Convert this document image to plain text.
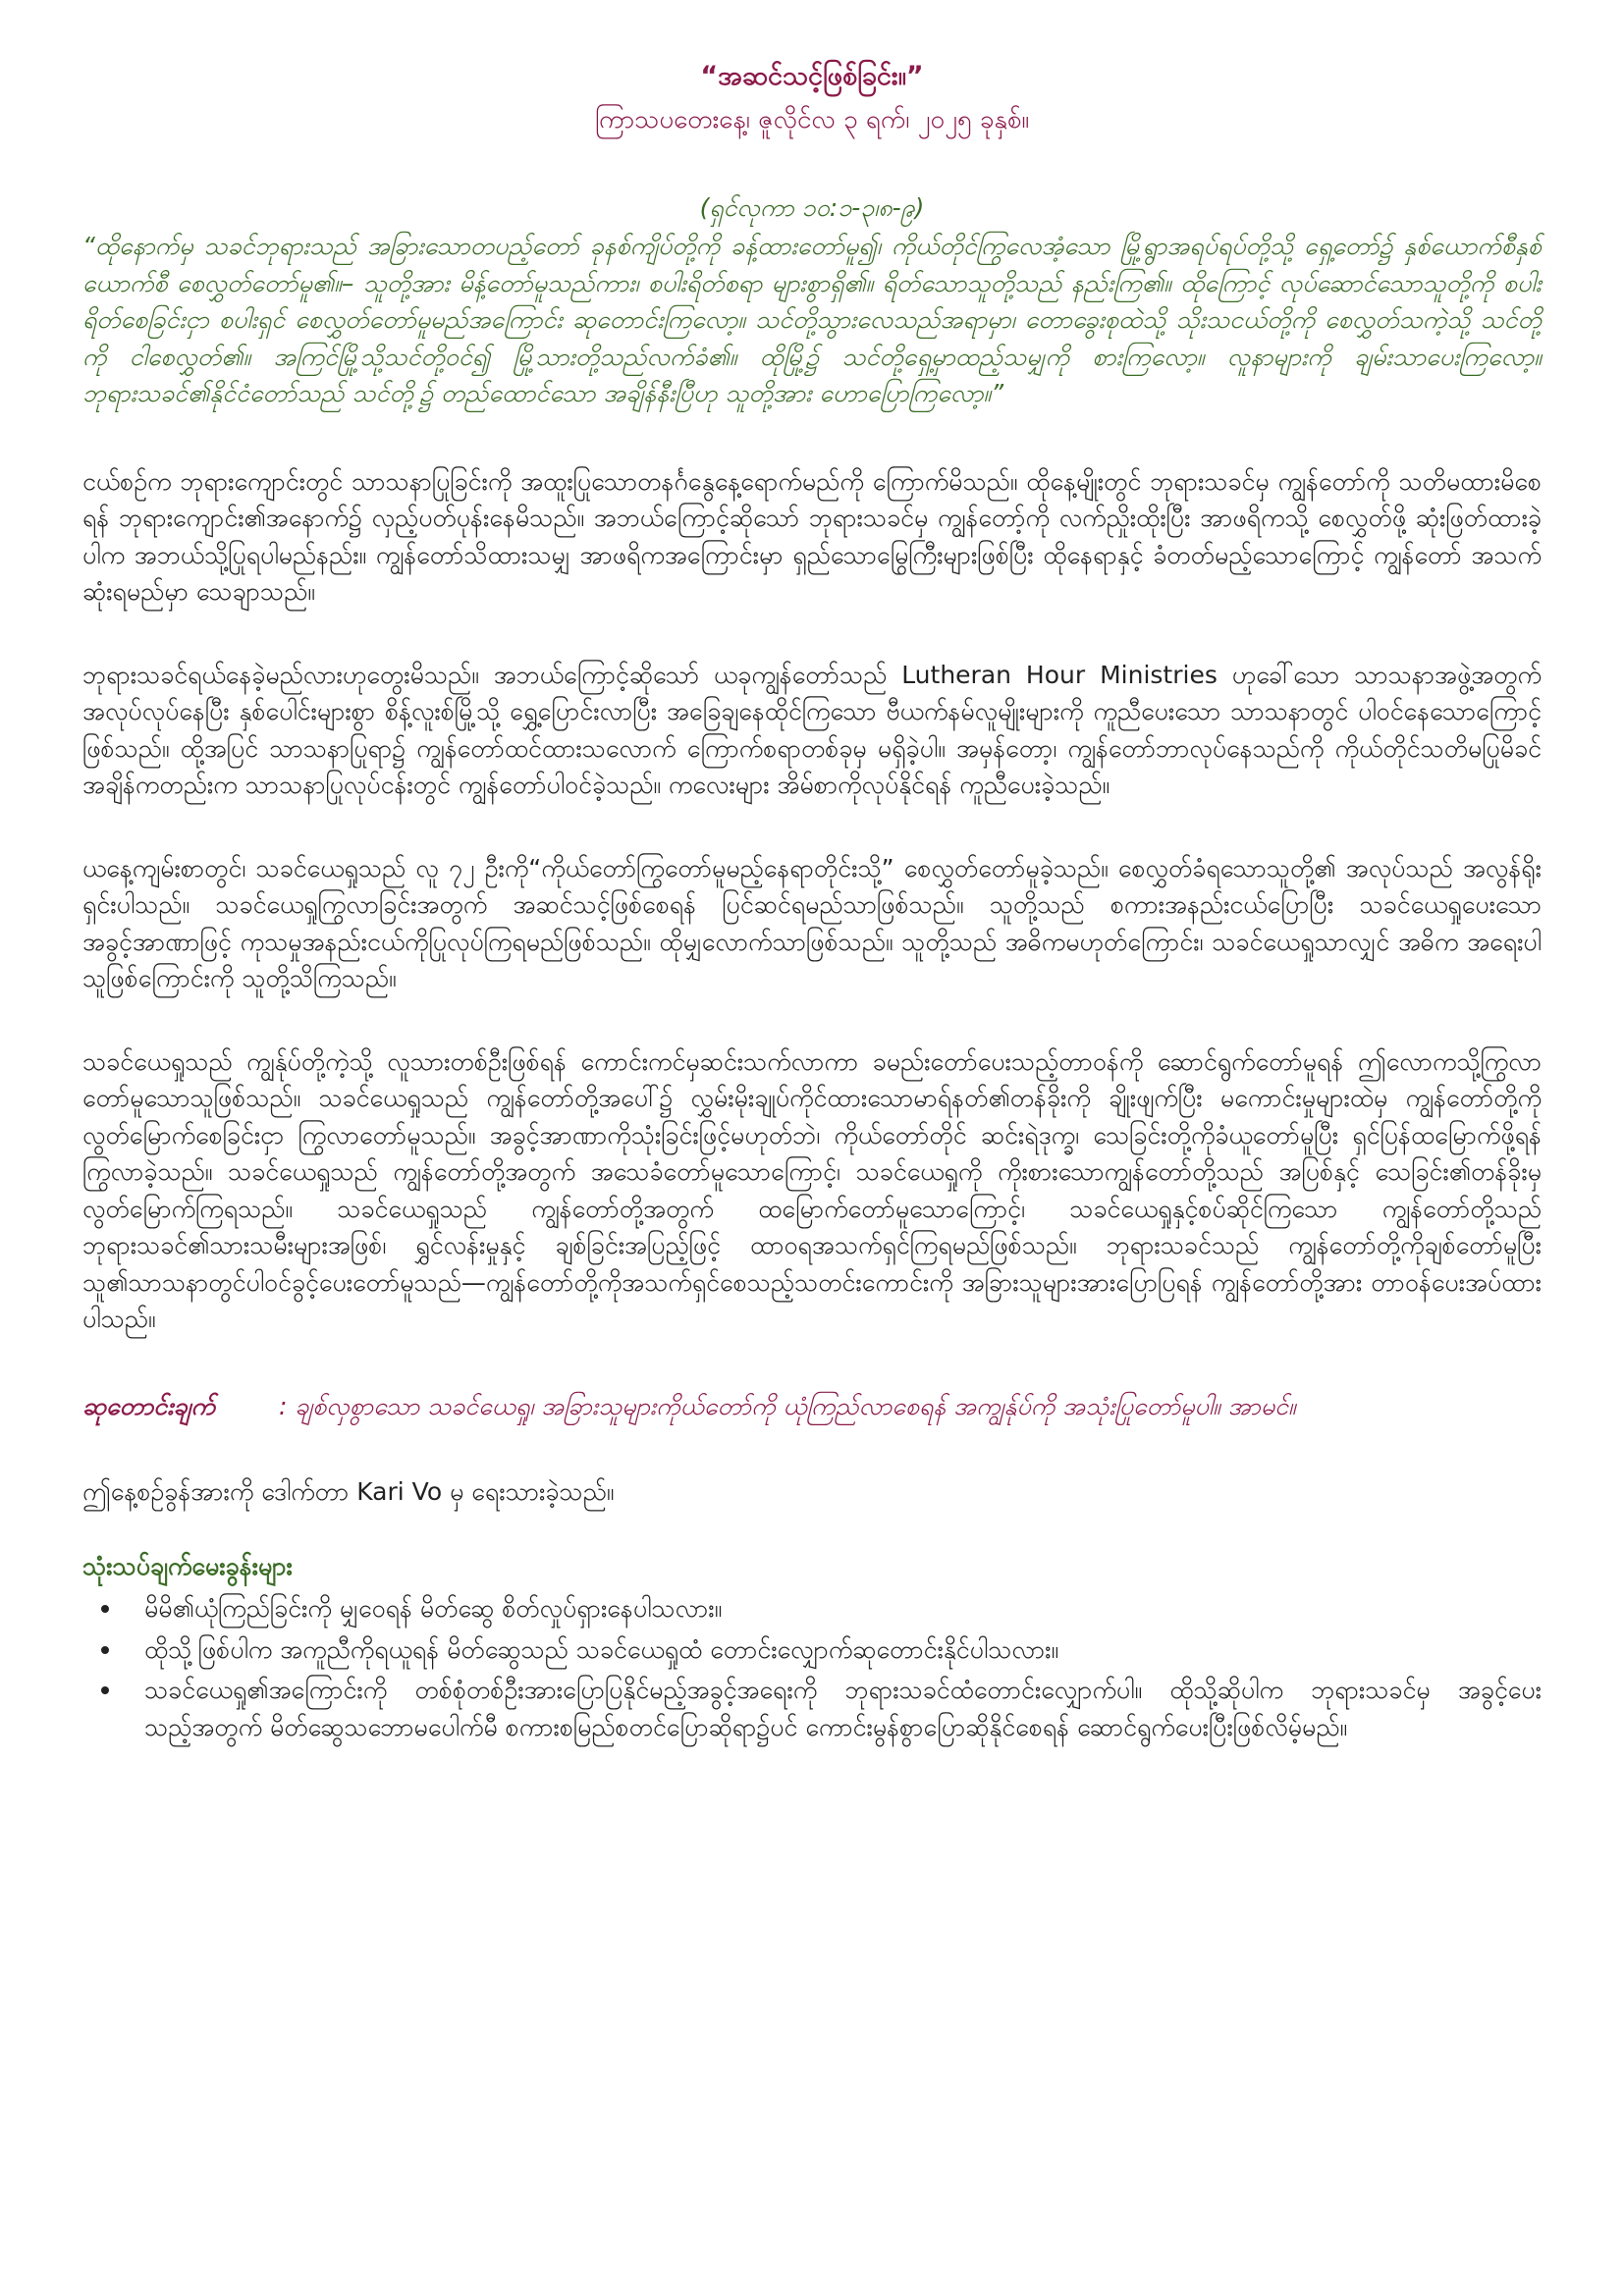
“အဆင်သင့်ဖြစ်ခြင်း။”

ကြာသပတေးနေ့၊ ဇူလိုင်လ ၃ ရက်၊ ၂၀၂၅ ခုနှစ်။

(ရှင်လုကာ ၁၀:၁-၃၊၈-၉)

“ထိုနောက်မှ သခင်ဘုရားသည် အခြားသောတပည့်တော် ခုနစ်ကျိပ်တို့ကို ခန့်ထားတော်မူ၍၊ ကိုယ်တိုင်ကြွလေအံ့သော မြို့ရွာအရပ်ရပ်တို့သို့ ရှေ့တော်၌ နှစ်ယောက်စီနှစ်ယောက်စီ စေလွှတ်တော်မူ၏။– သူတို့အား မိန့်တော်မူသည်ကား၊ စပါးရိတ်စရာ များစွာရှိ၏။ ရိတ်သောသူတို့သည် နည်းကြ၏။ ထိုကြောင့် လုပ်ဆောင်သောသူတို့ကို စပါးရိတ်စေခြင်းငှာ စပါးရှင် စေလွှတ်တော်မူမည်အကြောင်း ဆုတောင်းကြလော့။ သင်တို့သွားလေသည်အရာမှာ၊ တောခွေးစုထဲသို့ သိုးသငယ်တို့ကို စေလွှတ်သကဲ့သို့ သင်တို့ကို ငါစေလွှတ်၏။ အကြင်မြို့သို့သင်တို့ဝင်၍ မြို့သားတို့သည်လက်ခံ၏။ ထိုမြို့၌ သင်တို့ရှေ့မှာထည့်သမျှကို စားကြလော့။ လူနာများကို ချမ်းသာပေးကြလော့။ ဘုရားသခင်၏နိုင်ငံတော်သည် သင်တို့၌ တည်ထောင်သော အချိန်နီးပြီဟု သူတို့အား ဟောပြောကြလော့။”

ငယ်စဉ်က ဘုရားကျောင်းတွင် သာသနာပြုခြင်းကို အထူးပြုသောတနင်္ဂနွေနေ့ရောက်မည်ကို ကြောက်မိသည်။ ထိုနေ့မျိုးတွင် ဘုရားသခင်မှ ကျွန်တော်ကို သတိမထားမိစေရန် ဘုရားကျောင်း၏အနောက်၌ လှည့်ပတ်ပုန်းနေမိသည်။ အဘယ်ကြောင့်ဆိုသော် ဘုရားသခင်မှ ကျွန်တော့်ကို လက်ညှိုးထိုးပြီး အာဖရိကသို့ စေလွှတ်ဖို့ ဆုံးဖြတ်ထားခဲ့ပါက အဘယ်သို့ပြုရပါမည်နည်း။ ကျွန်တော်သိထားသမျှ အာဖရိကအကြောင်းမှာ ရှည်သောမြွေကြီးများဖြစ်ပြီး ထိုနေရာနှင့် ခံတတ်မည့်သောကြောင့် ကျွန်တော် အသက်ဆုံးရမည်မှာ သေချာသည်။

ဘုရားသခင်ရယ်နေခဲ့မည်လားဟုတွေးမိသည်။ အဘယ်ကြောင့်ဆိုသော် ယခုကျွန်တော်သည် Lutheran Hour Ministries ဟုခေါ်သော သာသနာအဖွဲ့အတွက် အလုပ်လုပ်နေပြီး နှစ်ပေါင်းများစွာ စိန့်လူးစ်မြို့သို့ ရွှေ့ပြောင်းလာပြီး အခြေချနေထိုင်ကြသော ဗီယက်နမ်လူမျိုးများကို ကူညီပေးသော သာသနာတွင် ပါဝင်နေသောကြောင့်ဖြစ်သည်။ ထို့အပြင် သာသနာပြုရာ၌ ကျွန်တော်ထင်ထားသလောက် ကြောက်စရာတစ်ခုမှ မရှိခဲ့ပါ။ အမှန်တော့၊ ကျွန်တော်ဘာလုပ်နေသည်ကို ကိုယ်တိုင်သတိမပြုမိခင် အချိန်ကတည်းက သာသနာပြုလုပ်ငန်းတွင် ကျွန်တော်ပါဝင်ခဲ့သည်။ ကလေးများ အိမ်စာကိုလုပ်နိုင်ရန် ကူညီပေးခဲ့သည်။

ယနေ့ကျမ်းစာတွင်၊ သခင်ယေရှုသည် လူ ၇၂ ဦးကို“ကိုယ်တော်ကြွတော်မူမည့်နေရာတိုင်းသို့” စေလွှတ်တော်မူခဲ့သည်။ စေလွှတ်ခံရသောသူတို့၏ အလုပ်သည် အလွန်ရိုးရှင်းပါသည်။ သခင်ယေရှုကြွလာခြင်းအတွက် အဆင်သင့်ဖြစ်စေရန် ပြင်ဆင်ရမည်သာဖြစ်သည်။ သူတို့သည် စကားအနည်းငယ်ပြောပြီး သခင်ယေရှုပေးသောအခွင့်အာဏာဖြင့် ကုသမှုအနည်းငယ်ကိုပြုလုပ်ကြရမည်ဖြစ်သည်။ ထိုမျှလောက်သာဖြစ်သည်။ သူတို့သည် အဓိကမဟုတ်ကြောင်း၊ သခင်ယေရှုသာလျှင် အဓိက အရေးပါသူဖြစ်ကြောင်းကို သူတို့သိကြသည်။

သခင်ယေရှုသည် ကျွန်ုပ်တို့ကဲ့သို့ လူသားတစ်ဦးဖြစ်ရန် ကောင်းကင်မှဆင်းသက်လာကာ ခမည်းတော်ပေးသည့်တာဝန်ကို ဆောင်ရွက်တော်မူရန် ဤလောကသို့ကြွလာတော်မူသောသူဖြစ်သည်။ သခင်ယေရှုသည် ကျွန်တော်တို့အပေါ်၌ လွှမ်းမိုးချုပ်ကိုင်ထားသောမာရ်နတ်၏တန်ခိုးကို ချိုးဖျက်ပြီး မကောင်းမှုများထဲမှ ကျွန်တော်တို့ကိုလွတ်မြောက်စေခြင်းငှာ ကြွလာတော်မူသည်။ အခွင့်အာဏာကိုသုံးခြင်းဖြင့်မဟုတ်ဘဲ၊ ကိုယ်တော်တိုင် ဆင်းရဲဒုက္ခ၊ သေခြင်းတို့ကိုခံယူတော်မူပြီး ရှင်ပြန်ထမြောက်ဖို့ရန် ကြွလာခဲ့သည်။ သခင်ယေရှုသည် ကျွန်တော်တို့အတွက် အသေခံတော်မူသောကြောင့်၊ သခင်ယေရှုကို ကိုးစားသောကျွန်တော်တို့သည် အပြစ်နှင့် သေခြင်း၏တန်ခိုးမှ လွတ်မြောက်ကြရသည်။ သခင်ယေရှုသည် ကျွန်တော်တို့အတွက် ထမြောက်တော်မူသောကြောင့်၊ သခင်ယေရှုနှင့်စပ်ဆိုင်ကြသော ကျွန်တော်တို့သည် ဘုရားသခင်၏သားသမီးများအဖြစ်၊ ရွှင်လန်းမှုနှင့် ချစ်ခြင်းအပြည့်ဖြင့် ထာဝရအသက်ရှင်ကြရမည်ဖြစ်သည်။ ဘုရားသခင်သည် ကျွန်တော်တို့ကိုချစ်တော်မူပြီး သူ၏သာသနာတွင်ပါဝင်ခွင့်ပေးတော်မူသည်—ကျွန်တော်တို့ကိုအသက်ရှင်စေသည့်သတင်းကောင်းကို အခြားသူများအားပြောပြရန် ကျွန်တော်တို့အား တာဝန်ပေးအပ်ထားပါသည်။

ဆုတောင်းချက်	: ချစ်လှစွာသော သခင်ယေရှု၊ အခြားသူများကိုယ်တော်ကို ယုံကြည်လာစေရန် အကျွန်ုပ်ကို အသုံးပြုတော်မူပါ။ အာမင်။

ဤနေ့စဉ်ခွန်အားကို ဒေါက်တာ Kari Vo မှ ရေးသားခဲ့သည်။

သုံးသပ်ချက်မေးခွန်းများ
မိမိ၏ယုံကြည်ခြင်းကို မျှဝေရန် မိတ်ဆွေ စိတ်လှုပ်ရှားနေပါသလား။
ထိုသို့ဖြစ်ပါက အကူညီကိုရယူရန် မိတ်ဆွေသည် သခင်ယေရှုထံ တောင်းလျှောက်ဆုတောင်းနိုင်ပါသလား။
သခင်ယေရှု၏အကြောင်းကို တစ်စုံတစ်ဦးအားပြောပြနိုင်မည့်အခွင့်အရေးကို ဘုရားသခင်ထံတောင်းလျှောက်ပါ။ ထိုသို့ဆိုပါက ဘုရားသခင်မှ အခွင့်ပေးသည့်အတွက် မိတ်ဆွေသဘောမပေါက်မီ စကားစမြည်စတင်ပြောဆိုရာ၌ပင် ကောင်းမွန်စွာပြောဆိုနိုင်စေရန် ဆောင်ရွက်ပေးပြီးဖြစ်လိမ့်မည်။
